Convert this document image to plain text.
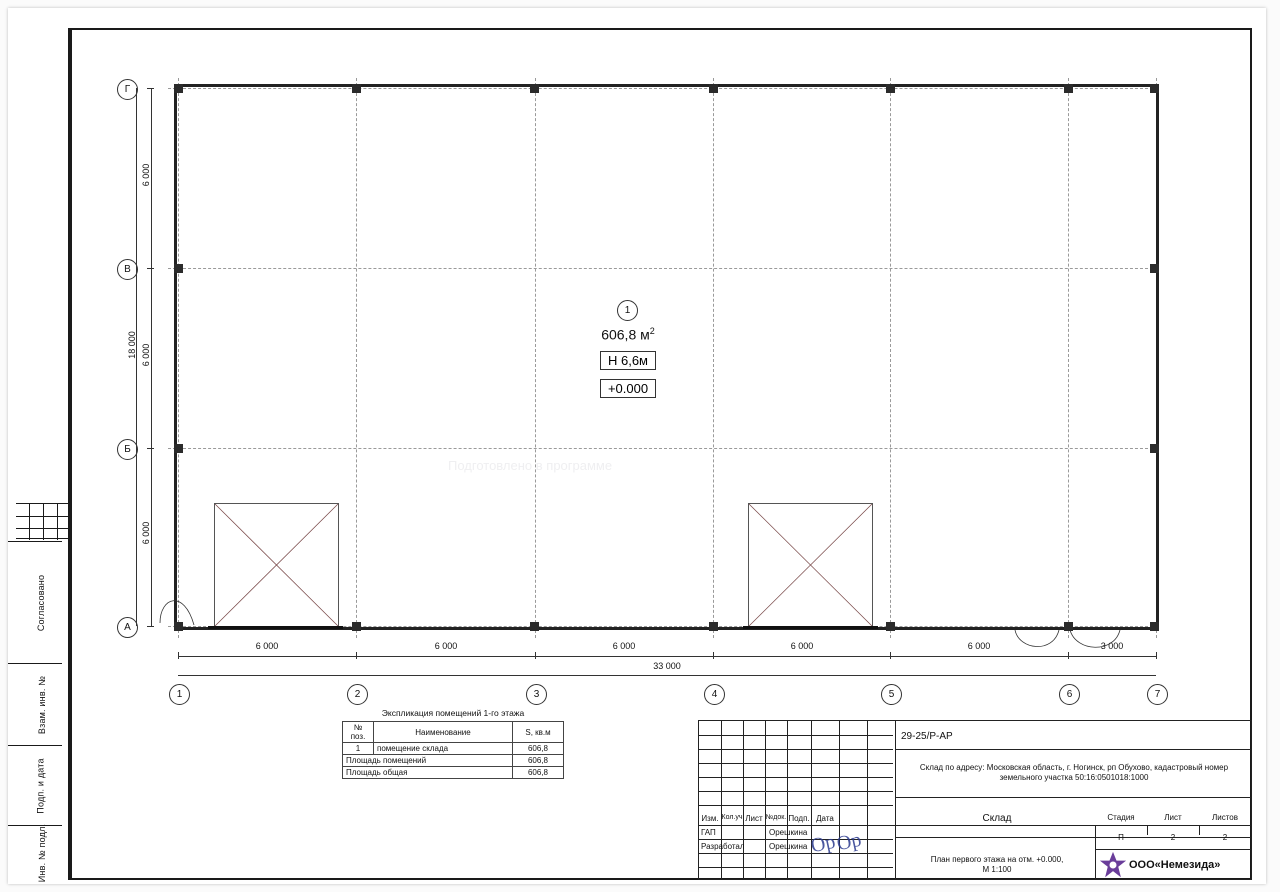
Согласовано
Взам. инв. №
Подп. и дата
Инв. № подл.
Подготовлено в программе
1
606,8 $м^2$
H 6,6м
+0.000
Г
В
Б
А
6 000
6 000
6 000
18 000
6 000	6 000	6 000	6 000	6 000	3 000
33 000
1	2	3	4	5	6	7
Экспликация помещений 1-го этажа
№ поз.	Наименование	S, кв.м
1	помещение склада	606,8
Площадь помещений		606,8
Площадь общая		606,8
Изм. Кол.уч Лист №док. Подп. Дата
ГАП	Орешкина
Разработал	Орешкина Ор
Ор
29-25/Р-АР
Склад по адресу: Московская область, г. Ногинск, рп Обухово, кадастровый номер земельного участка 50:16:0501018:1000
Склад
План первого этажа на отм. +0.000,
М 1:100
Стадия	Лист	Листов
П	2	2
ООО«Немезида»
